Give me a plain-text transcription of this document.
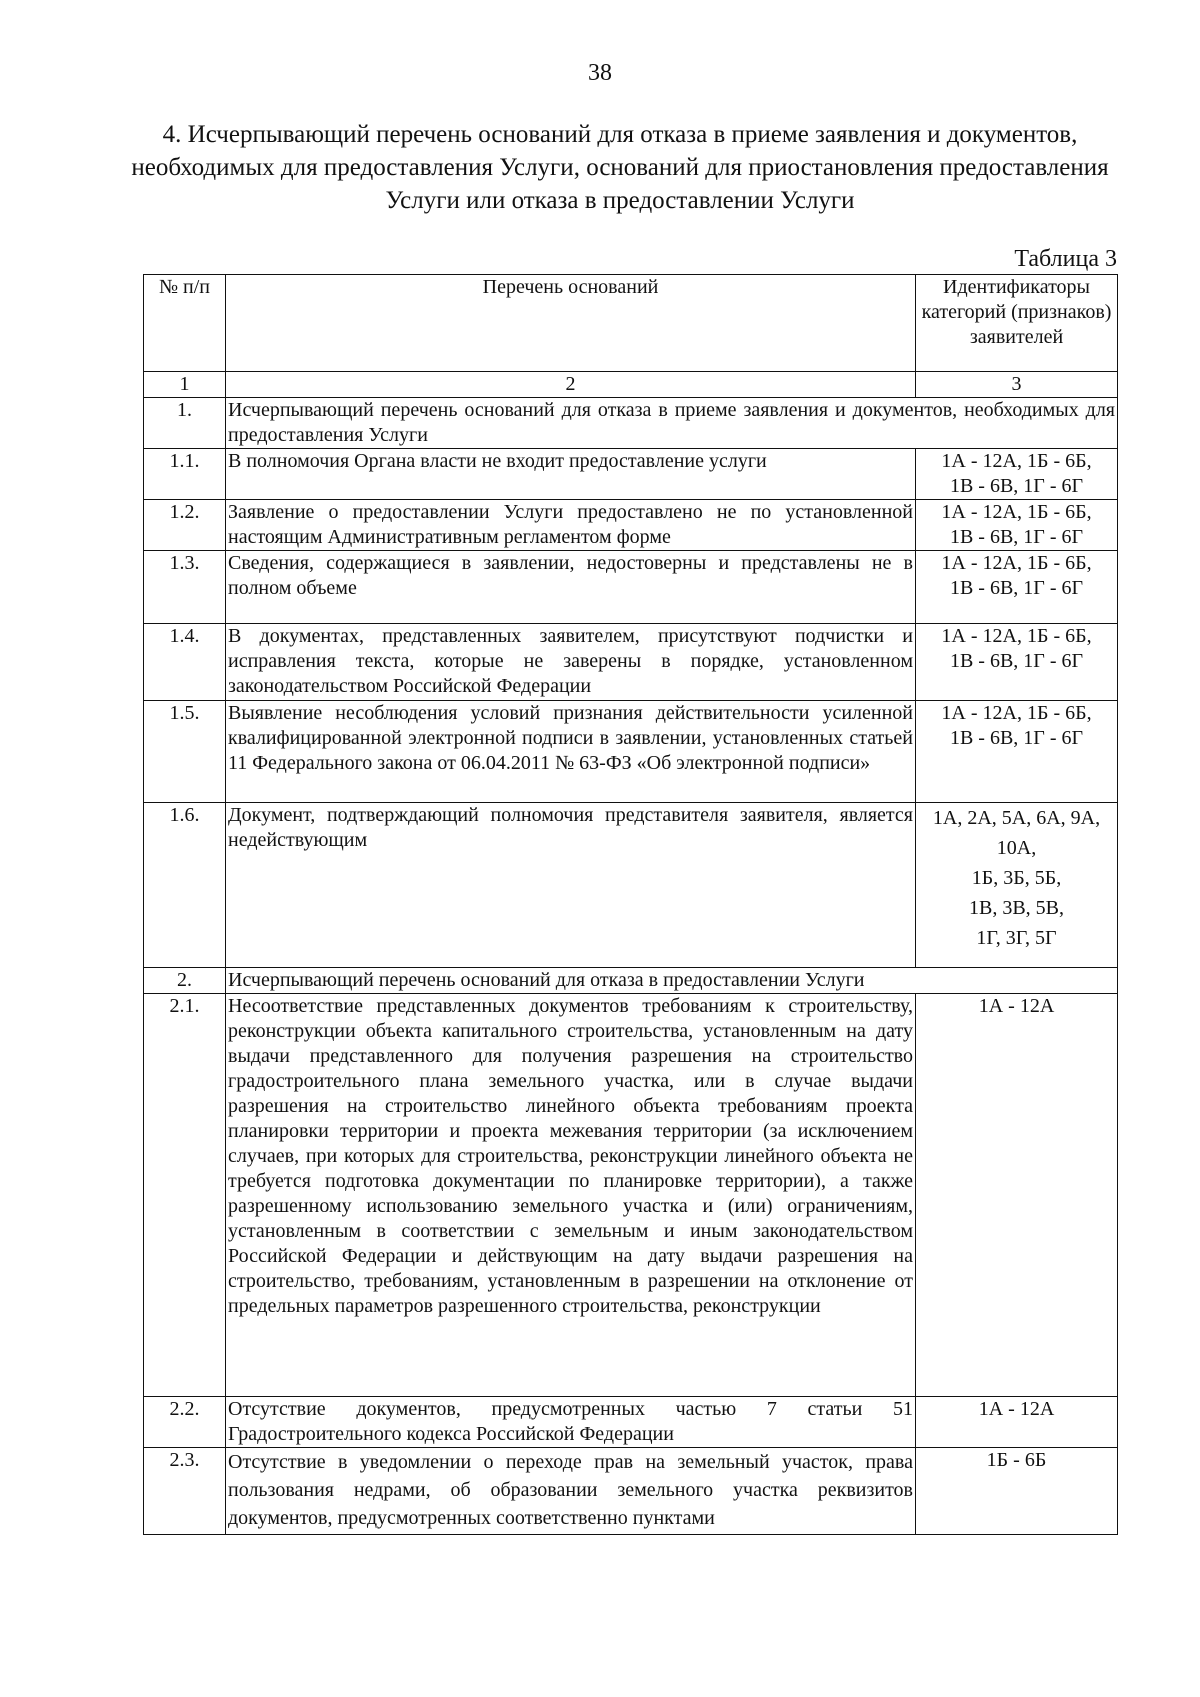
38
4. Исчерпывающий перечень оснований для отказа в приеме заявления и документов, необходимых для предоставления Услуги, оснований для приостановления предоставления Услуги или отказа в предоставлении Услуги
Таблица 3
№ п/п	Перечень оснований	Идентификаторы категорий (признаков) заявителей
1	2	3
1.	Исчерпывающий перечень оснований для отказа в приеме заявления и документов, необходимых для предоставления Услуги	
1.1.	В полномочия Органа власти не входит предоставление услуги	1А - 12А, 1Б - 6Б,
1В - 6В, 1Г - 6Г

1.2.	Заявление о предоставлении Услуги предоставлено не по установленной настоящим Административным регламентом форме	1А - 12А, 1Б - 6Б,
1В - 6В, 1Г - 6Г

1.3.	Сведения, содержащиеся в заявлении, недостоверны и представлены не в полном объеме	1А - 12А, 1Б - 6Б,
1В - 6В, 1Г - 6Г

1.4.	В документах, представленных заявителем, присутствуют подчистки и исправления текста, которые не заверены в порядке, установленном законодательством Российской Федерации	1А - 12А, 1Б - 6Б,
1В - 6В, 1Г - 6Г

1.5.	Выявление несоблюдения условий признания действительности усиленной квалифицированной электронной подписи в заявлении, установленных статьей 11 Федерального закона от 06.04.2011 № 63-ФЗ «Об электронной подписи»	1А - 12А, 1Б - 6Б,
1В - 6В, 1Г - 6Г

1.6.	Документ, подтверждающий полномочия представителя заявителя, является недействующим	1А, 2А, 5А, 6А, 9А,
10А,
1Б, 3Б, 5Б,
1В, 3В, 5В,
1Г, 3Г, 5Г

2.	Исчерпывающий перечень оснований для отказа в предоставлении Услуги	
2.1.	Несоответствие представленных документов требованиям к строительству, реконструкции объекта капитального строительства, установленным на дату выдачи представленного для получения разрешения на строительство градостроительного плана земельного участка, или в случае выдачи разрешения на строительство линейного объекта требованиям проекта планировки территории и проекта межевания территории (за исключением случаев, при которых для строительства, реконструкции линейного объекта не требуется подготовка документации по планировке территории), а также разрешенному использованию земельного участка и (или) ограничениям, установленным в соответствии с земельным и иным законодательством Российской Федерации и действующим на дату выдачи разрешения на строительство, требованиям, установленным в разрешении на отклонение от предельных параметров разрешенного строительства, реконструкции	1А - 12А

2.2.	Отсутствие документов, предусмотренных частью 7 статьи 51 Градостроительного кодекса Российской Федерации	1А - 12А

2.3.	Отсутствие в уведомлении о переходе прав на земельный участок, права пользования недрами, об образовании земельного участка реквизитов документов, предусмотренных соответственно пунктами	1Б - 6Б
